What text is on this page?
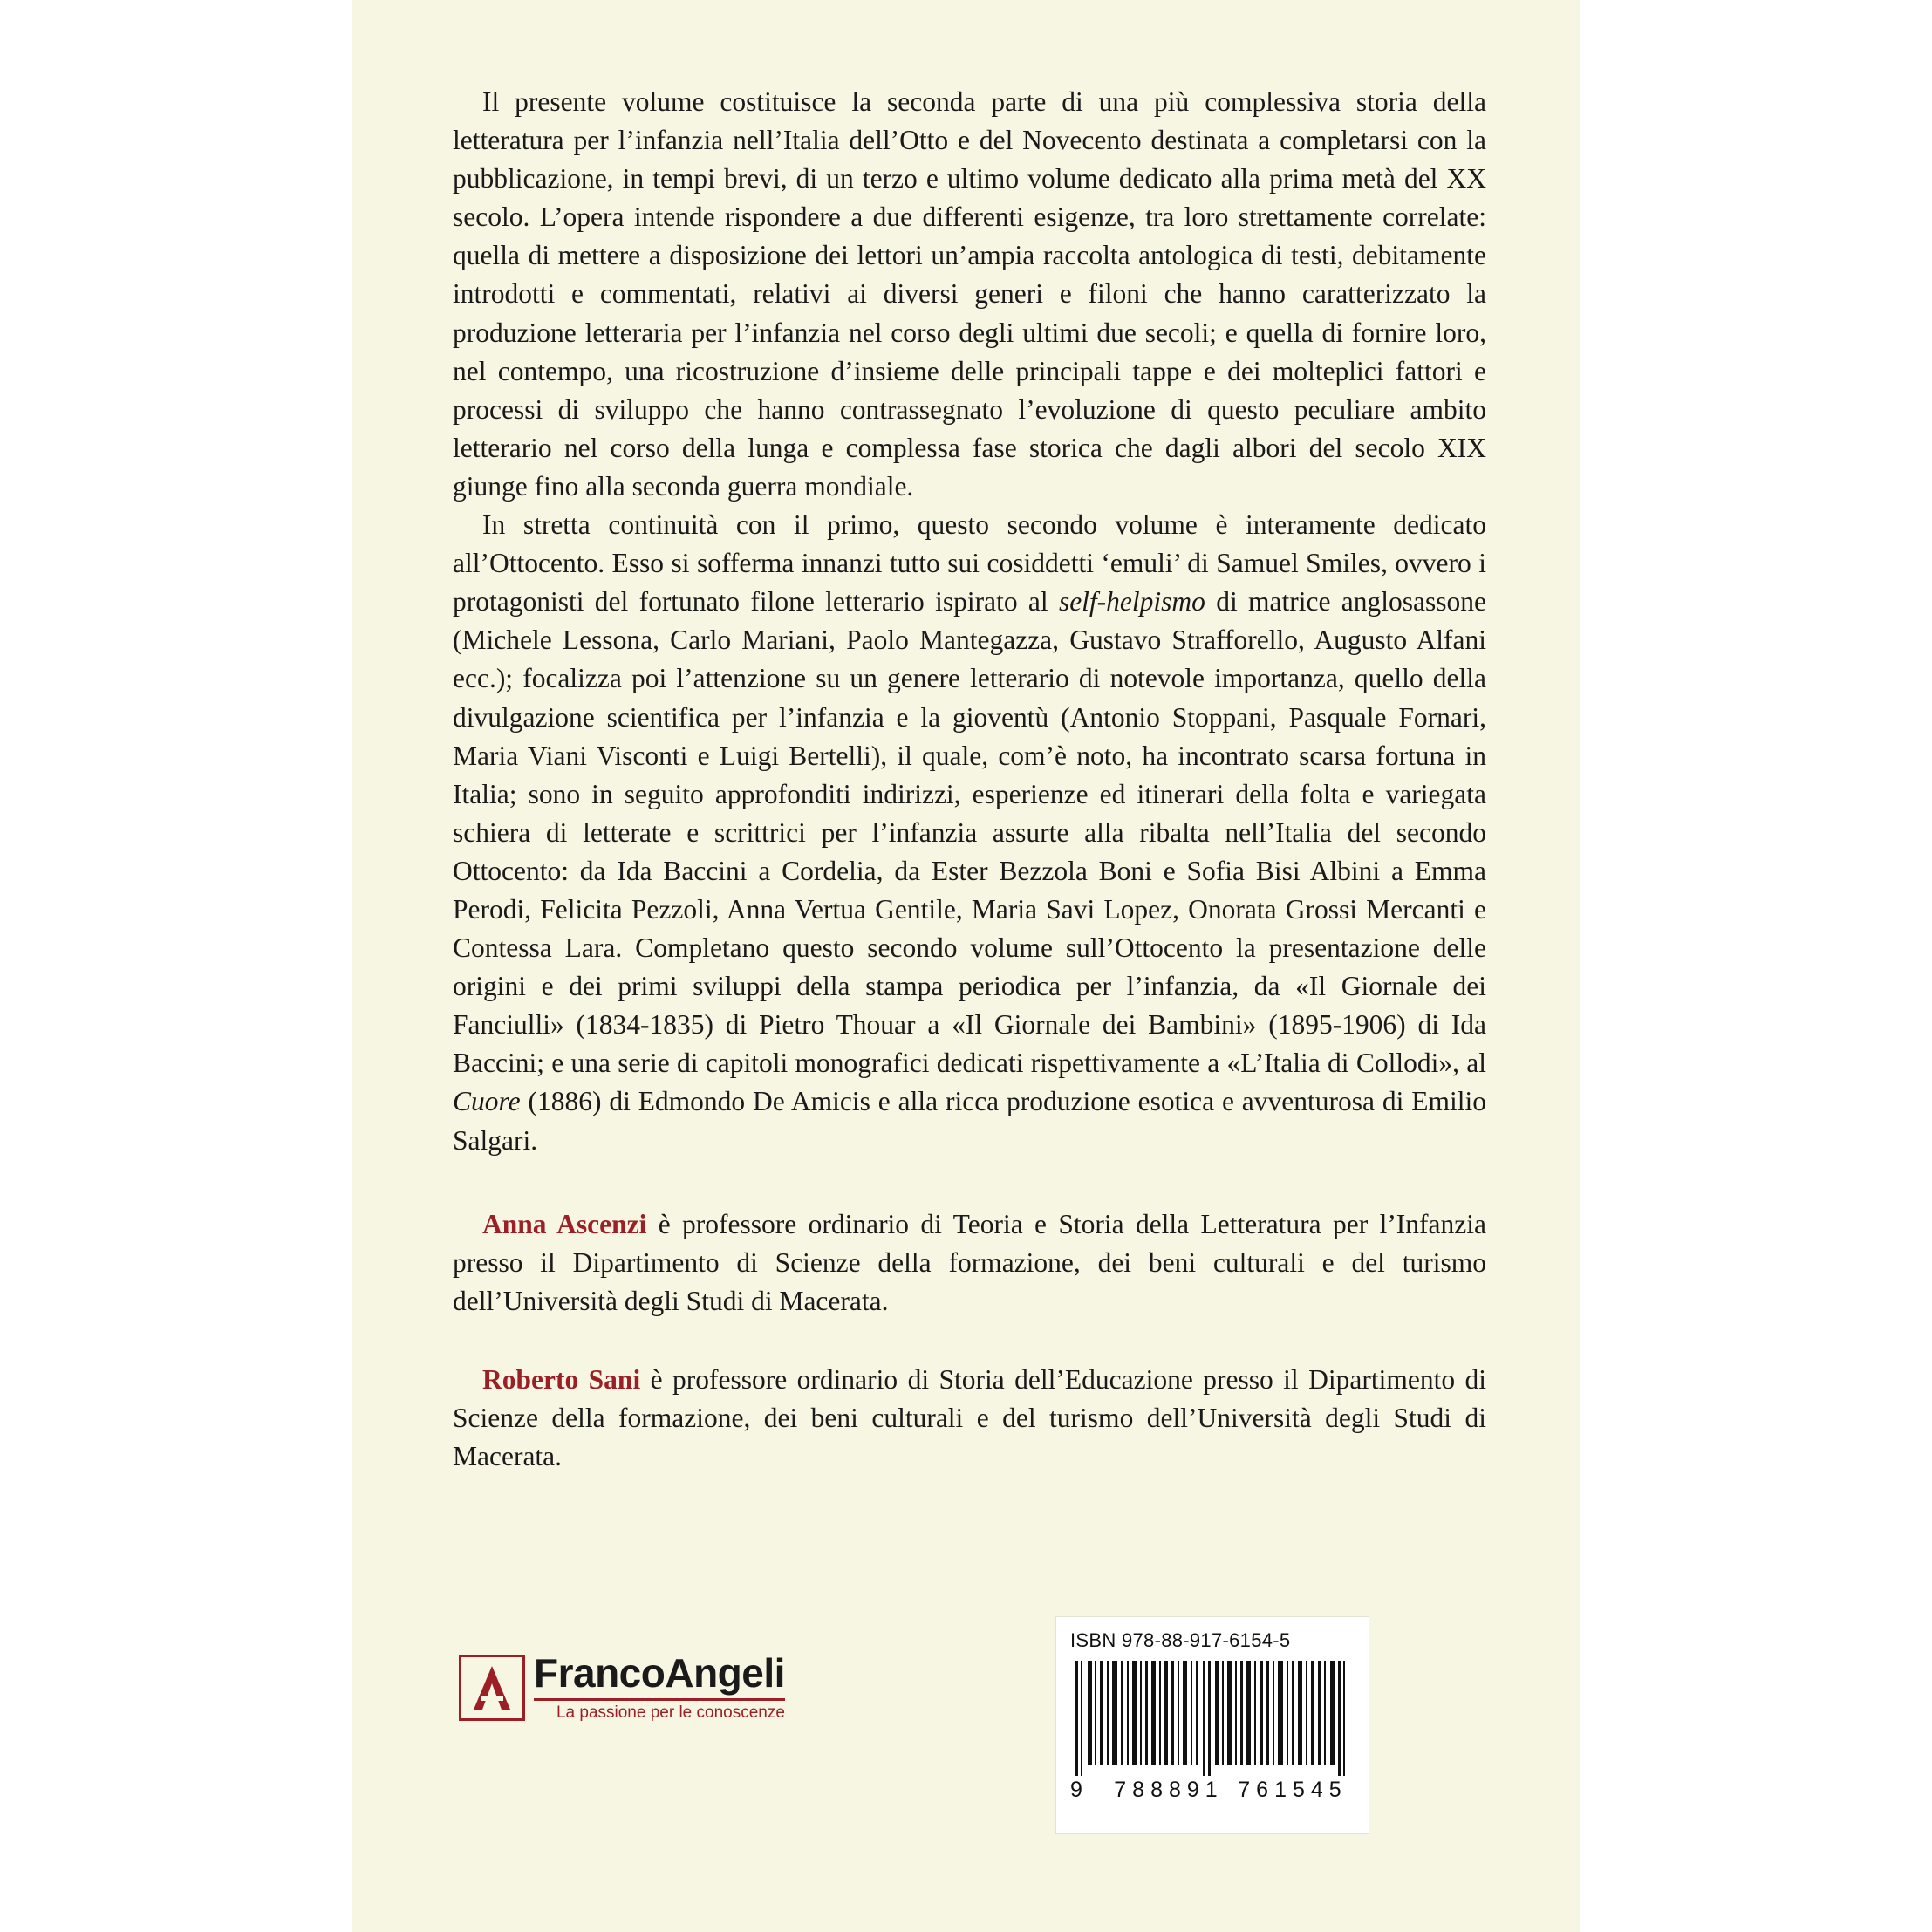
Il presente volume costituisce la seconda parte di una più complessiva storia della letteratura per l’infanzia nell’Italia dell’Otto e del Novecento destinata a completarsi con la pubblicazione, in tempi brevi, di un terzo e ultimo volume dedicato alla prima metà del XX secolo. L’opera intende rispondere a due differenti esigenze, tra loro strettamente correlate: quella di mettere a disposizione dei lettori un’ampia raccolta antologica di testi, debitamente introdotti e commentati, relativi ai diversi generi e filoni che hanno caratterizzato la produzione letteraria per l’infanzia nel corso degli ultimi due secoli; e quella di fornire loro, nel contempo, una ricostruzione d’insieme delle principali tappe e dei molteplici fattori e processi di sviluppo che hanno contrassegnato l’evoluzione di questo peculiare ambito letterario nel corso della lunga e complessa fase storica che dagli albori del secolo XIX giunge fino alla seconda guerra mondiale.

In stretta continuità con il primo, questo secondo volume è interamente dedicato all’Ottocento. Esso si sofferma innanzi tutto sui cosiddetti ‘emuli’ di Samuel Smiles, ovvero i protagonisti del fortunato filone letterario ispirato al self-helpismo di matrice anglosassone (Michele Lessona, Carlo Mariani, Paolo Mantegazza, Gustavo Strafforello, Augusto Alfani ecc.); focalizza poi l’attenzione su un genere letterario di notevole importanza, quello della divulgazione scientifica per l’infanzia e la gioventù (Antonio Stoppani, Pasquale Fornari, Maria Viani Visconti e Luigi Bertelli), il quale, com’è noto, ha incontrato scarsa fortuna in Italia; sono in seguito approfonditi indirizzi, esperienze ed itinerari della folta e variegata schiera di letterate e scrittrici per l’infanzia assurte alla ribalta nell’Italia del secondo Ottocento: da Ida Baccini a Cordelia, da Ester Bezzola Boni e Sofia Bisi Albini a Emma Perodi, Felicita Pezzoli, Anna Vertua Gentile, Maria Savi Lopez, Onorata Grossi Mercanti e Contessa Lara. Completano questo secondo volume sull’Ottocento la presentazione delle origini e dei primi sviluppi della stampa periodica per l’infanzia, da «Il Giornale dei Fanciulli» (1834-1835) di Pietro Thouar a «Il Giornale dei Bambini» (1895-1906) di Ida Baccini; e una serie di capitoli monografici dedicati rispettivamente a «L’Italia di Collodi», al Cuore (1886) di Edmondo De Amicis e alla ricca produzione esotica e avventurosa di Emilio Salgari.

Anna Ascenzi è professore ordinario di Teoria e Storia della Letteratura per l’Infanzia presso il Dipartimento di Scienze della formazione, dei beni culturali e del turismo dell’Università degli Studi di Macerata.

Roberto Sani è professore ordinario di Storia dell’Educazione presso il Dipartimento di Scienze della formazione, dei beni culturali e del turismo dell’Università degli Studi di Macerata.

FrancoAngeli
La passione per le conoscenze
ISBN 978-88-917-6154-5
9	788891 761545
